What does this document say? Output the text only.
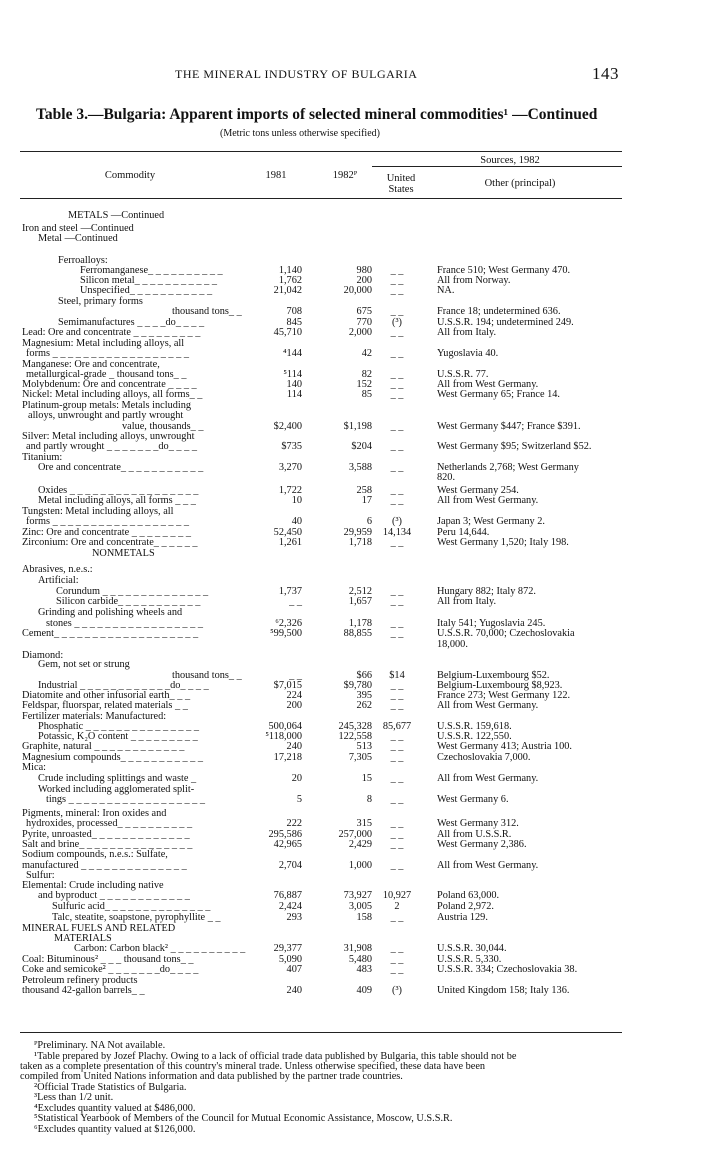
THE MINERAL INDUSTRY OF BULGARIA	143
Table 3.—Bulgaria: Apparent imports of selected mineral commodities¹ —Continued
(Metric tons unless otherwise specified)
Commodity	1981	1982ᴾ
Sources, 1982
United States
Other (principal)
METALS —Continued
Iron and steel —Continued
Metal —Continued
Ferroalloys:
Ferromanganese_ _ _ _ _ _ _ _ _ _	1,140	980	_ _	France 510; West Germany 470.
Silicon metal_ _ _ _ _ _ _ _ _ _ _	1,762	200	_ _	All from Norway.
Unspecified_ _ _ _ _ _ _ _ _ _ _	21,042	20,000	_ _	NA.
Steel, primary forms
thousand tons_ _	708	675	_ _	France 18; undetermined 636.
Semimanufactures _ _ _ _do_ _ _ _	845	770	(³)	U.S.S.R. 194; undetermined 249.
Lead: Ore and concentrate _ _ _ _ _ _ _ _ _	45,710	2,000	_ _	All from Italy.
Magnesium: Metal including alloys, all
forms _ _ _ _ _ _ _ _ _ _ _ _ _ _ _ _ _ _	⁴144	42	_ _	Yugoslavia 40.
Manganese: Ore and concentrate,
metallurgical-grade _ thousand tons_ _	⁵114	82	_ _	U.S.S.R. 77.
Molybdenum: Ore and concentrate _ _ _ _	140	152	_ _	All from West Germany.
Nickel: Metal including alloys, all forms_ _	114	85	_ _	West Germany 65; France 14.
Platinum-group metals: Metals including
alloys, unwrought and partly wrought
value, thousands_ _	$2,400	$1,198	_ _	West Germany $447; France $391.
Silver: Metal including alloys, unwrought
and partly wrought _ _ _ _ _ _ _do_ _ _ _	$735	$204	_ _	West Germany $95; Switzerland $52.
Titanium:
Ore and concentrate_ _ _ _ _ _ _ _ _ _ _	3,270	3,588	_ _	Netherlands 2,768; West Germany
820.
Oxides _ _ _ _ _ _ _ _ _ _ _ _ _ _ _ _ _	1,722	258	_ _	West Germany 254.
Metal including alloys, all forms _ _ _	10	17	_ _	All from West Germany.
Tungsten: Metal including alloys, all
forms _ _ _ _ _ _ _ _ _ _ _ _ _ _ _ _ _ _	40	6	(³)	Japan 3; West Germany 2.
Zinc: Ore and concentrate _ _ _ _ _ _ _ _	52,450	29,959	14,134	Peru 14,644.
Zirconium: Ore and concentrate_ _ _ _ _ _	1,261	1,718	_ _	West Germany 1,520; Italy 198.
NONMETALS
Abrasives, n.e.s.:
Artificial:
Corundum _ _ _ _ _ _ _ _ _ _ _ _ _ _	1,737	2,512	_ _	Hungary 882; Italy 872.
Silicon carbide_ _ _ _ _ _ _ _ _ _ _	_ _	1,657	_ _	All from Italy.
Grinding and polishing wheels and
stones _ _ _ _ _ _ _ _ _ _ _ _ _ _ _ _ _	⁶2,326	1,178	_ _	Italy 541; Yugoslavia 245.
Cement_ _ _ _ _ _ _ _ _ _ _ _ _ _ _ _ _ _ _	⁵99,500	88,855	_ _	U.S.S.R. 70,000; Czechoslovakia
18,000.
Diamond:
Gem, not set or strung
thousand tons_ _	_ _	$66	$14	Belgium-Luxembourg $52.
Industrial _ _ _ _ _ _ _ _ _ _ _ _do_ _ _ _	$7,015	$9,780	_ _	Belgium-Luxembourg $8,923.
Diatomite and other infusorial earth_ _ _	224	395	_ _	France 273; West Germany 122.
Feldspar, fluorspar, related materials _ _	200	262	_ _	All from West Germany.
Fertilizer materials: Manufactured:
Phosphatic _ _ _ _ _ _ _ _ _ _ _ _ _ _ _	500,064	245,328	85,677	U.S.S.R. 159,618.
Potassic, K₂O content _ _ _ _ _ _ _ _ _	⁵118,000	122,558	_ _	U.S.S.R. 122,550.
Graphite, natural _ _ _ _ _ _ _ _ _ _ _ _	240	513	_ _	West Germany 413; Austria 100.
Magnesium compounds_ _ _ _ _ _ _ _ _ _ _	17,218	7,305	_ _	Czechoslovakia 7,000.
Mica:
Crude including splittings and waste _	20	15	_ _	All from West Germany.
Worked including agglomerated split-
tings _ _ _ _ _ _ _ _ _ _ _ _ _ _ _ _ _ _	5	8	_ _	West Germany 6.
Pigments, mineral: Iron oxides and
hydroxides, processed_ _ _ _ _ _ _ _ _ _	222	315	_ _	West Germany 312.
Pyrite, unroasted_ _ _ _ _ _ _ _ _ _ _ _ _	295,586	257,000	_ _	All from U.S.S.R.
Salt and brine_ _ _ _ _ _ _ _ _ _ _ _ _ _ _	42,965	2,429	_ _	West Germany 2,386.
Sodium compounds, n.e.s.: Sulfate,
manufactured _ _ _ _ _ _ _ _ _ _ _ _ _ _	2,704	1,000	_ _	All from West Germany.
Sulfur:
Elemental: Crude including native
and byproduct _ _ _ _ _ _ _ _ _ _ _ _	76,887	73,927	10,927	Poland 63,000.
Sulfuric acid_ _ _ _ _ _ _ _ _ _ _ _ _ _	2,424	3,005	2	Poland 2,972.
Talc, steatite, soapstone, pyrophyllite _ _	293	158	_ _	Austria 129.
MINERAL FUELS AND RELATED
MATERIALS
Carbon: Carbon black² _ _ _ _ _ _ _ _ _ _	29,377	31,908	_ _	U.S.S.R. 30,044.
Coal: Bituminous² _ _ _ thousand tons_ _	5,090	5,480	_ _	U.S.S.R. 5,330.
Coke and semicoke² _ _ _ _ _ _ _do_ _ _ _	407	483	_ _	U.S.S.R. 334; Czechoslovakia 38.
Petroleum refinery products
thousand 42-gallon barrels_ _	240	409	(³)	United Kingdom 158; Italy 136.
ᴾPreliminary. NA Not available.
¹Table prepared by Jozef Plachy. Owing to a lack of official trade data published by Bulgaria, this table should not be
taken as a complete presentation of this country's mineral trade. Unless otherwise specified, these data have been
compiled from United Nations information and data published by the partner trade countries.
²Official Trade Statistics of Bulgaria.
³Less than 1/2 unit.
⁴Excludes quantity valued at $486,000.
⁵Statistical Yearbook of Members of the Council for Mutual Economic Assistance, Moscow, U.S.S.R.
⁶Excludes quantity valued at $126,000.
